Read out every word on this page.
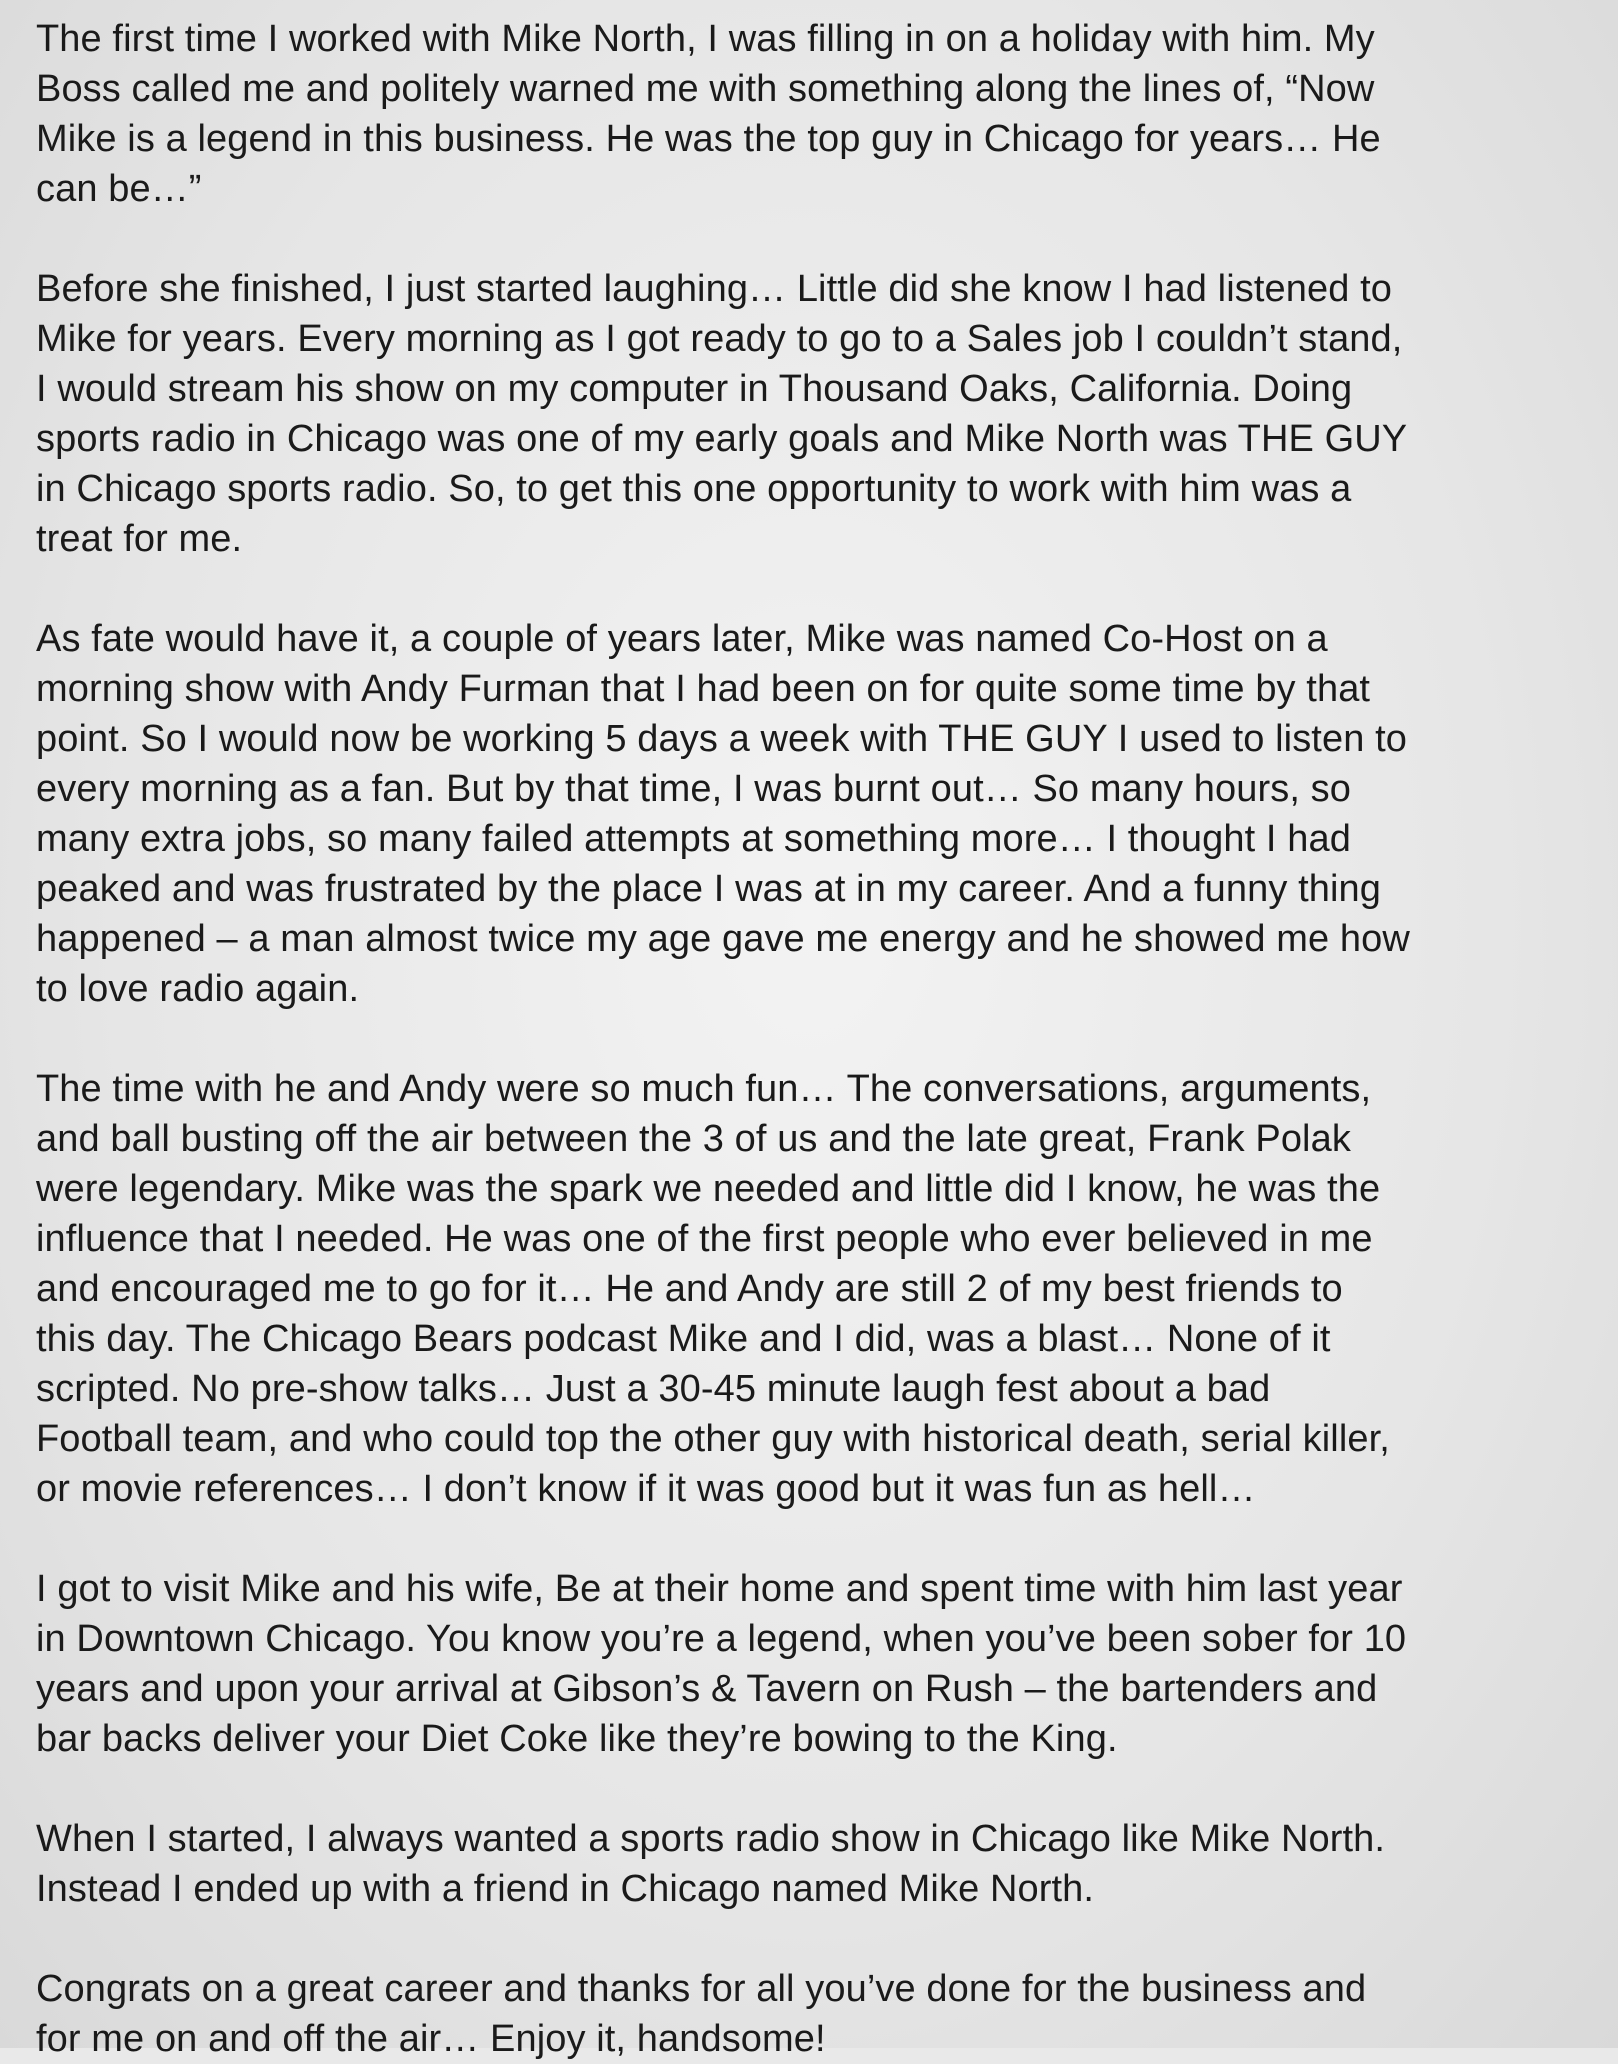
The first time I worked with Mike North, I was filling in on a holiday with him. My
Boss called me and politely warned me with something along the lines of, “Now
Mike is a legend in this business. He was the top guy in Chicago for years… He
can be…”
Before she finished, I just started laughing… Little did she know I had listened to
Mike for years. Every morning as I got ready to go to a Sales job I couldn’t stand,
I would stream his show on my computer in Thousand Oaks, California. Doing
sports radio in Chicago was one of my early goals and Mike North was THE GUY
in Chicago sports radio. So, to get this one opportunity to work with him was a
treat for me.
As fate would have it, a couple of years later, Mike was named Co-Host on a
morning show with Andy Furman that I had been on for quite some time by that
point. So I would now be working 5 days a week with THE GUY I used to listen to
every morning as a fan. But by that time, I was burnt out… So many hours, so
many extra jobs, so many failed attempts at something more… I thought I had
peaked and was frustrated by the place I was at in my career. And a funny thing
happened – a man almost twice my age gave me energy and he showed me how
to love radio again.
The time with he and Andy were so much fun… The conversations, arguments,
and ball busting off the air between the 3 of us and the late great, Frank Polak
were legendary. Mike was the spark we needed and little did I know, he was the
influence that I needed. He was one of the first people who ever believed in me
and encouraged me to go for it… He and Andy are still 2 of my best friends to
this day. The Chicago Bears podcast Mike and I did, was a blast… None of it
scripted. No pre-show talks… Just a 30-45 minute laugh fest about a bad
Football team, and who could top the other guy with historical death, serial killer,
or movie references… I don’t know if it was good but it was fun as hell…
I got to visit Mike and his wife, Be at their home and spent time with him last year
in Downtown Chicago. You know you’re a legend, when you’ve been sober for 10
years and upon your arrival at Gibson’s & Tavern on Rush – the bartenders and
bar backs deliver your Diet Coke like they’re bowing to the King.
When I started, I always wanted a sports radio show in Chicago like Mike North.
Instead I ended up with a friend in Chicago named Mike North.
Congrats on a great career and thanks for all you’ve done for the business and
for me on and off the air… Enjoy it, handsome!
